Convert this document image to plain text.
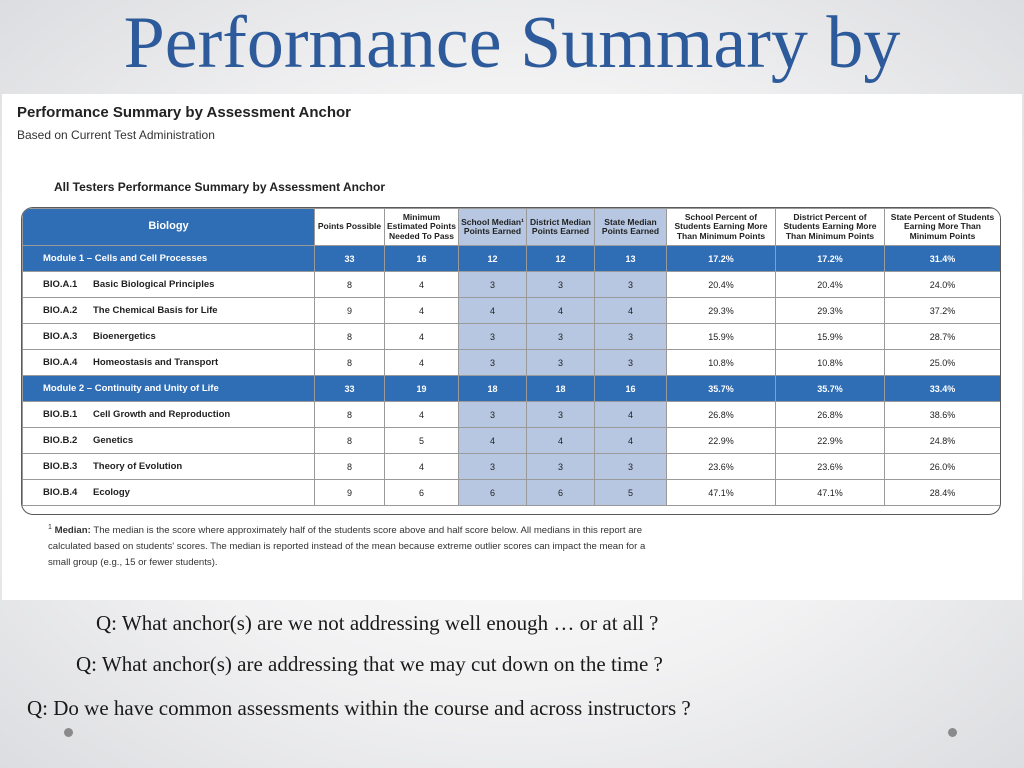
Performance Summary by
Performance Summary by Assessment Anchor
Based on Current Test Administration
All Testers Performance Summary by Assessment Anchor
Biology	Points Possible	Minimum Estimated Points Needed To Pass	School Median¹ Points Earned	District Median Points Earned	State Median Points Earned	School Percent of Students Earning More Than Minimum Points	District Percent of Students Earning More Than Minimum Points	State Percent of Students Earning More Than Minimum Points
Module 1 – Cells and Cell Processes	33	16	12	12	13	17.2%	17.2%	31.4%
BIO.A.1 Basic Biological Principles	8	4	3	3	3	20.4%	20.4%	24.0%
BIO.A.2 The Chemical Basis for Life	9	4	4	4	4	29.3%	29.3%	37.2%
BIO.A.3 Bioenergetics	8	4	3	3	3	15.9%	15.9%	28.7%
BIO.A.4 Homeostasis and Transport	8	4	3	3	3	10.8%	10.8%	25.0%
Module 2 – Continuity and Unity of Life	33	19	18	18	16	35.7%	35.7%	33.4%
BIO.B.1 Cell Growth and Reproduction	8	4	3	3	4	26.8%	26.8%	38.6%
BIO.B.2 Genetics	8	5	4	4	4	22.9%	22.9%	24.8%
BIO.B.3 Theory of Evolution	8	4	3	3	3	23.6%	23.6%	26.0%
BIO.B.4 Ecology	9	6	6	6	5	47.1%	47.1%	28.4%
$^1$ Median: The median is the score where approximately half of the students score above and half score below. All medians in this report are calculated based on students' scores. The median is reported instead of the mean because extreme outlier scores can impact the mean for a small group (e.g., 15 or fewer students).
Q: What anchor(s) are we not addressing well enough … or at all ?
Q: What anchor(s) are addressing that we may cut down on the time ?
Q: Do we have common assessments within the course and across instructors ?
